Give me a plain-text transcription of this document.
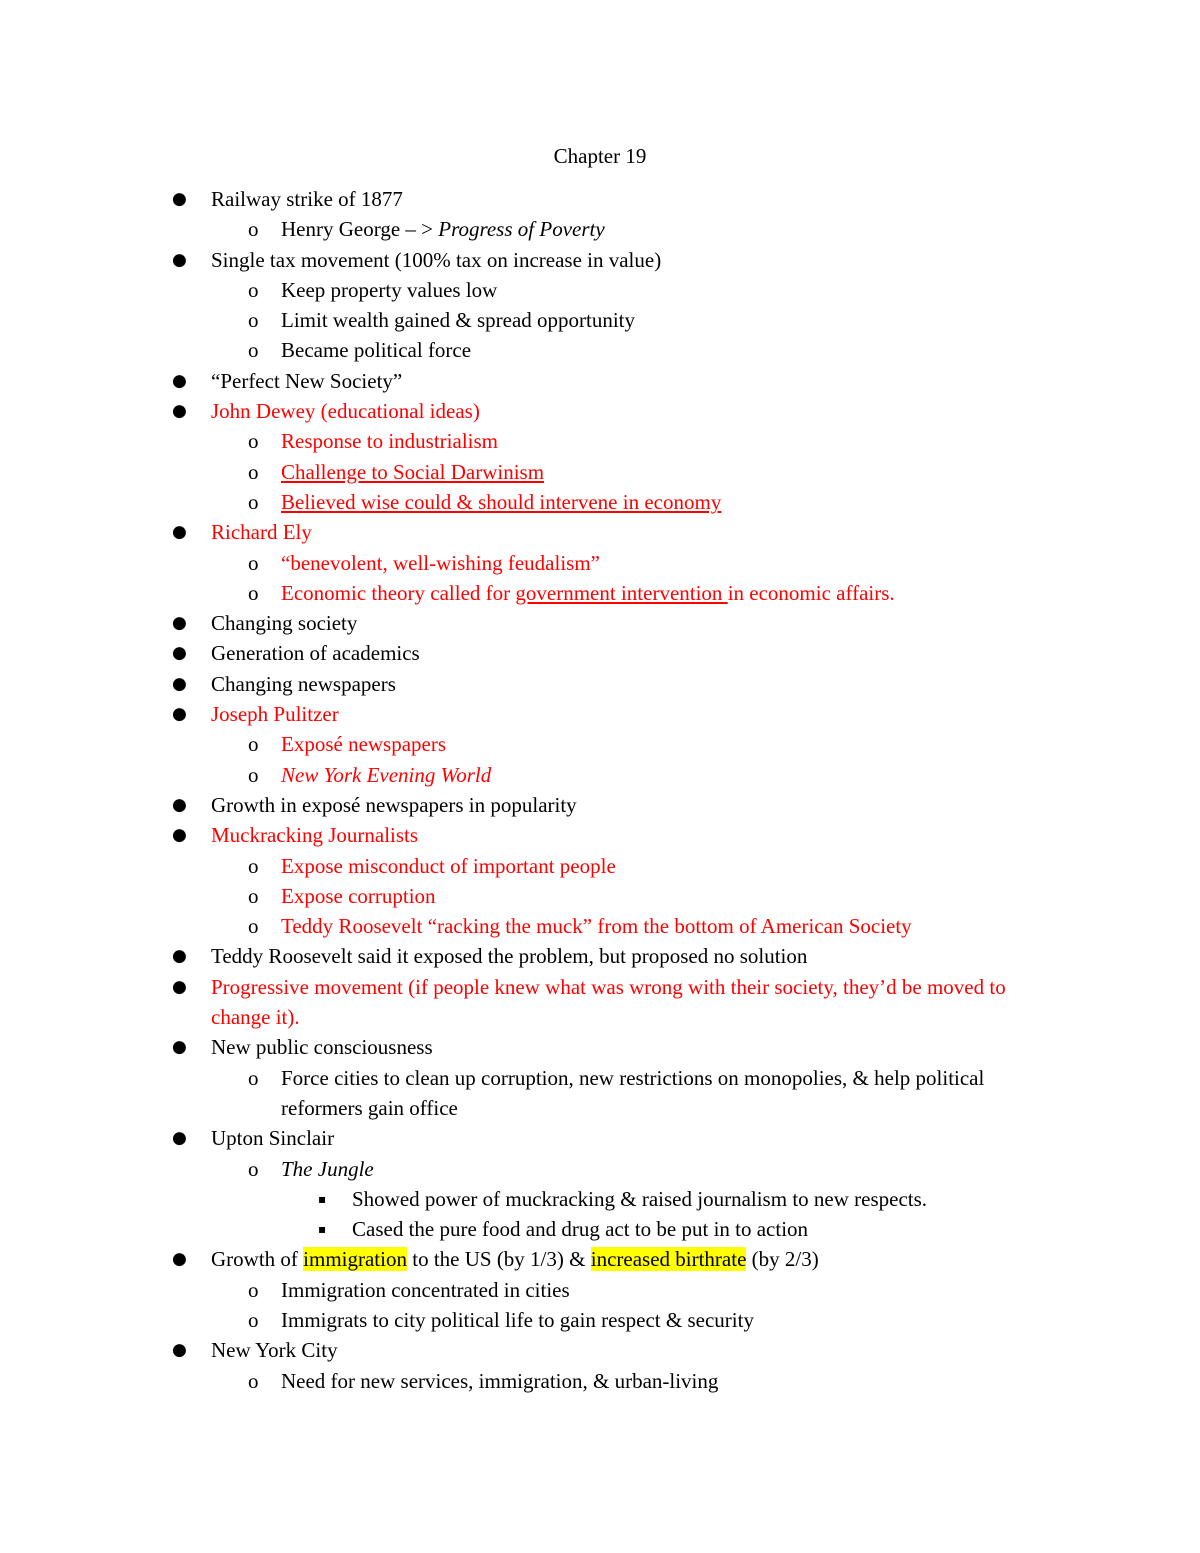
Chapter 19
● Railway strike of 1877
o Henry George – > Progress of Poverty
● Single tax movement (100% tax on increase in value)
o Keep property values low
o Limit wealth gained & spread opportunity
o Became political force
● “Perfect New Society”
● John Dewey (educational ideas)
o Response to industrialism
o Challenge to Social Darwinism
o Believed wise could & should intervene in economy
● Richard Ely
o “benevolent, well-wishing feudalism”
o Economic theory called for government intervention in economic affairs.
● Changing society
● Generation of academics
● Changing newspapers
● Joseph Pulitzer
o Exposé newspapers
o New York Evening World
● Growth in exposé newspapers in popularity
● Muckracking Journalists
o Expose misconduct of important people
o Expose corruption
o Teddy Roosevelt “racking the muck” from the bottom of American Society
● Teddy Roosevelt said it exposed the problem, but proposed no solution
● Progressive movement (if people knew what was wrong with their society, they’d be moved to change it).
● New public consciousness
o Force cities to clean up corruption, new restrictions on monopolies, & help political reformers gain office
● Upton Sinclair
o The Jungle
▪ Showed power of muckracking & raised journalism to new respects.
▪ Cased the pure food and drug act to be put in to action
● Growth of immigration to the US (by 1/3) & increased birthrate (by 2/3)
o Immigration concentrated in cities
o Immigrats to city political life to gain respect & security
● New York City
o Need for new services, immigration, & urban-living
